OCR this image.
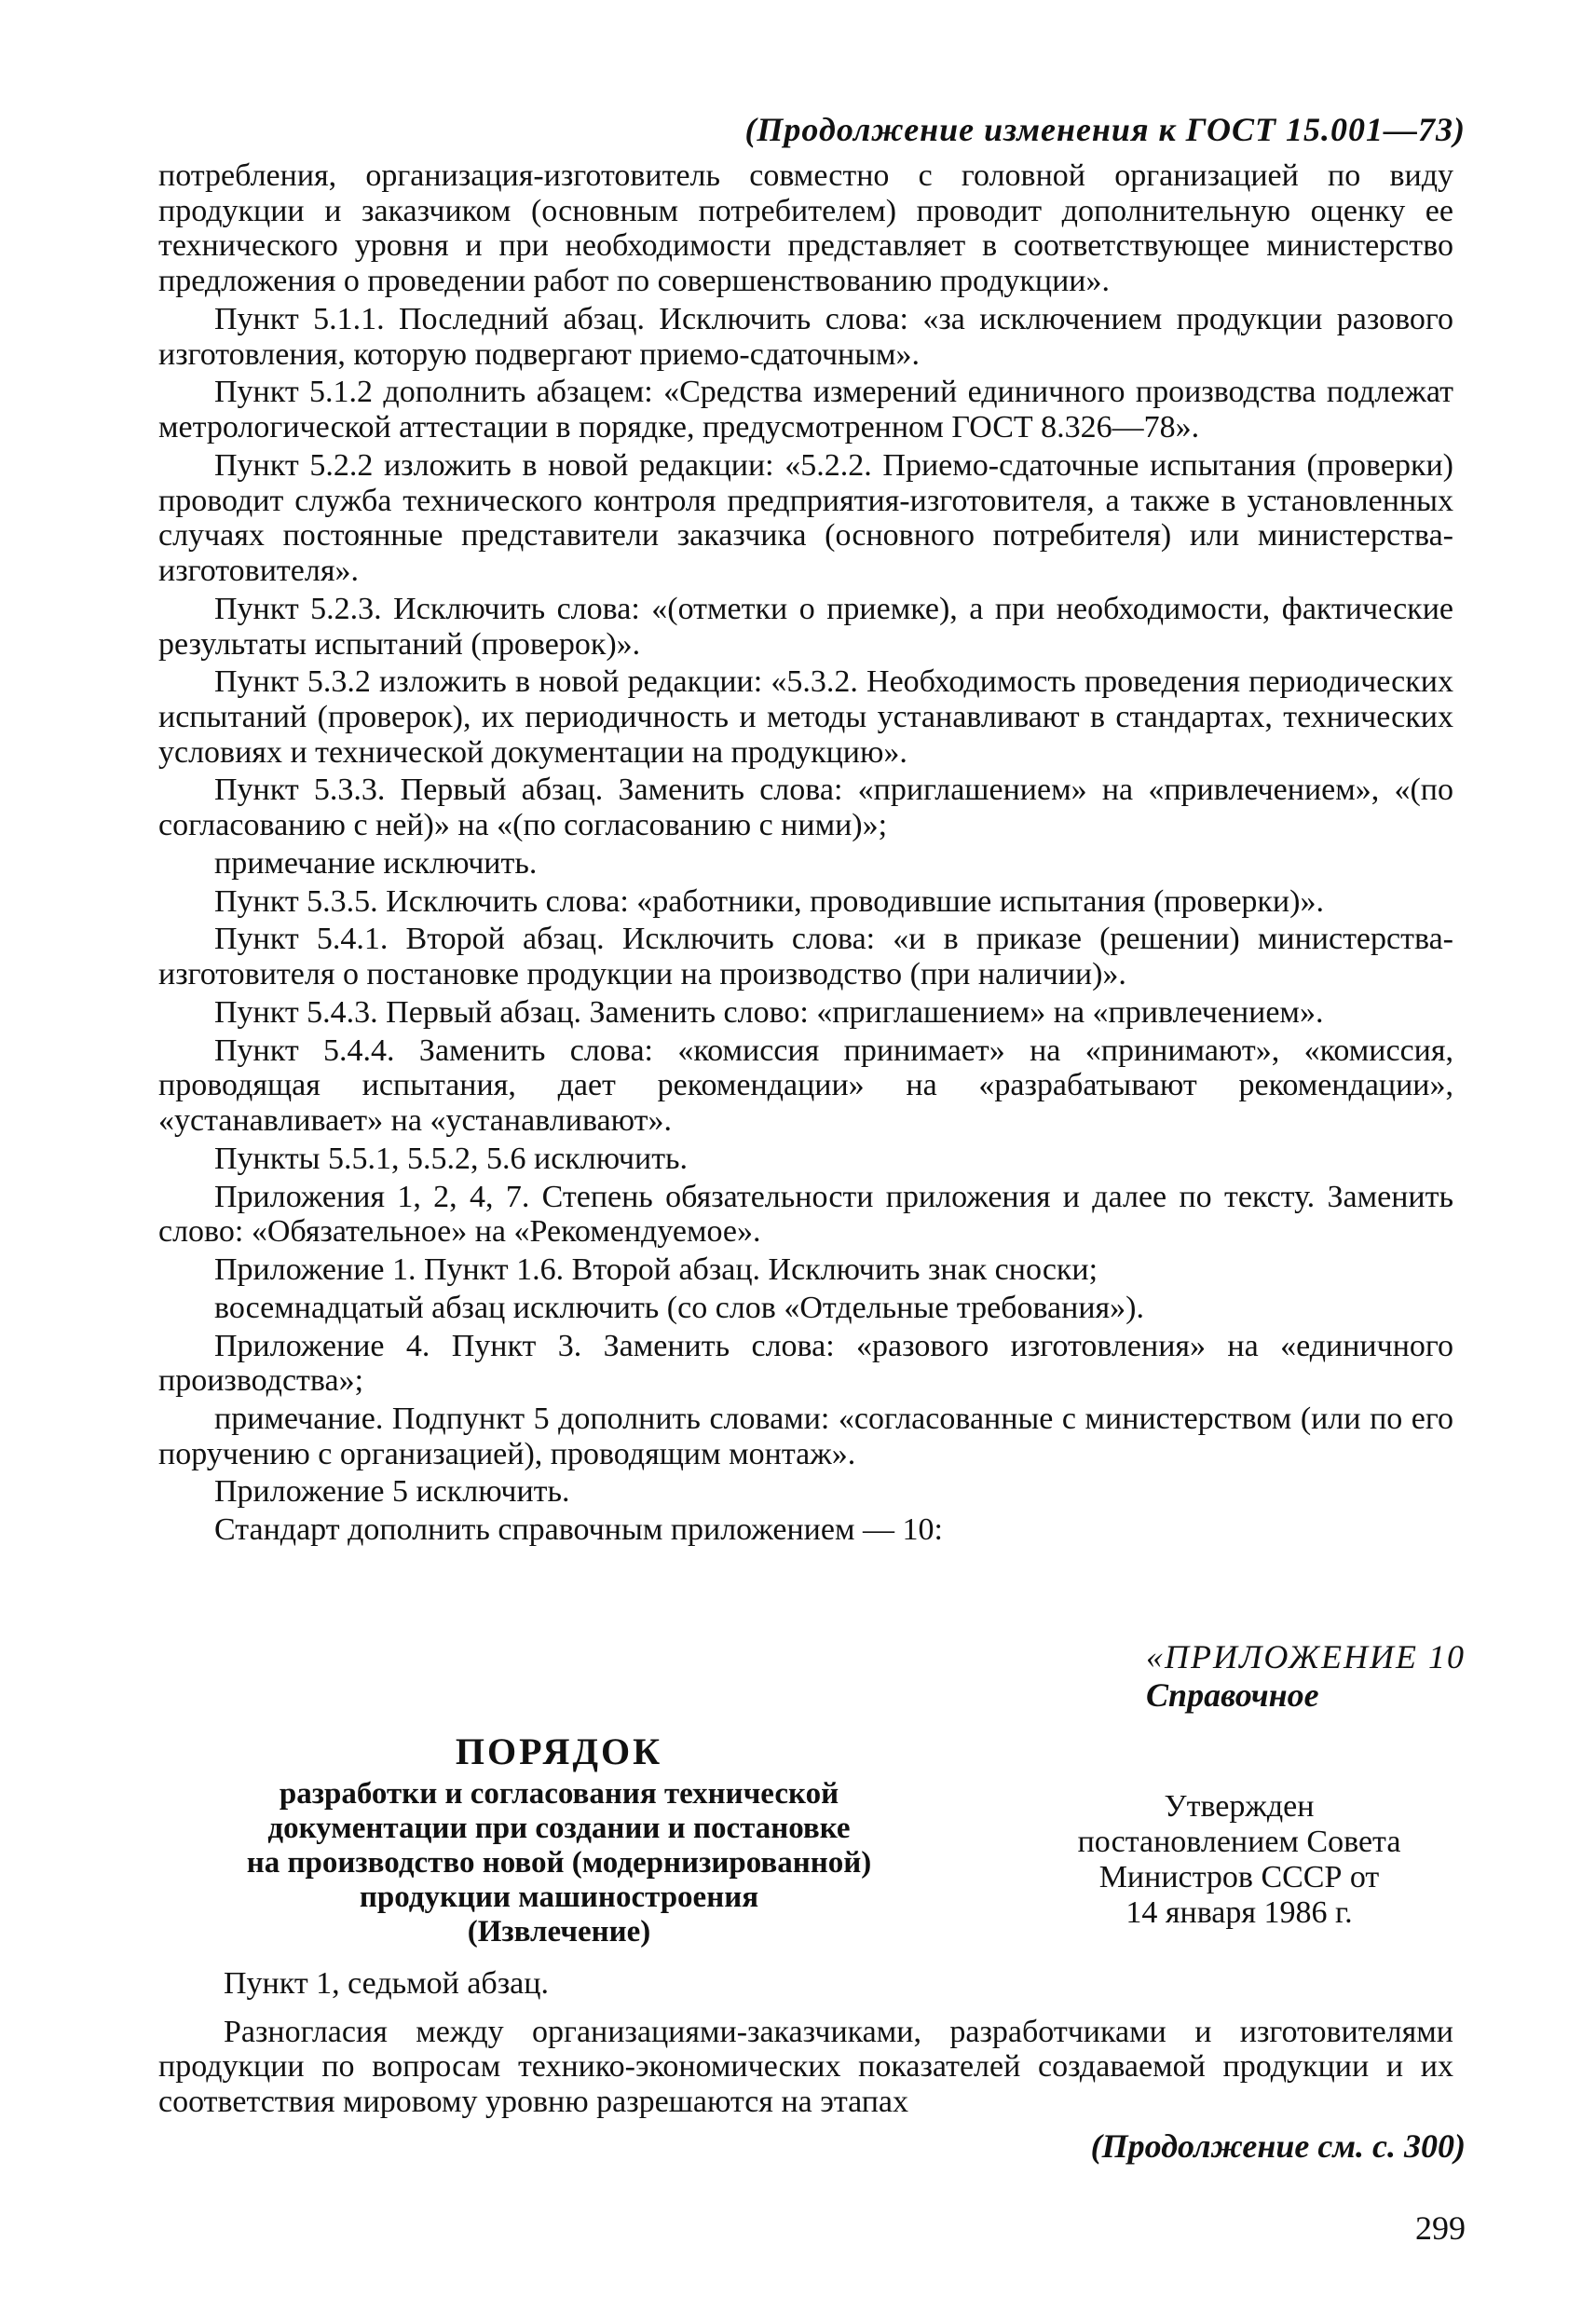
(Продолжение изменения к ГОСТ 15.001—73)

потребления, организация-изготовитель совместно с головной организацией по виду продукции и заказчиком (основным потребителем) проводит дополнительную оценку ее технического уровня и при необходимости представляет в соответствующее министерство предложения о проведении работ по совершенствованию продукции».

Пункт 5.1.1. Последний абзац. Исключить слова: «за исключением продукции разового изготовления, которую подвергают приемо-сдаточным».

Пункт 5.1.2 дополнить абзацем: «Средства измерений единичного производства подлежат метрологической аттестации в порядке, предусмотренном ГОСТ 8.326—78».

Пункт 5.2.2 изложить в новой редакции: «5.2.2. Приемо-сдаточные испытания (проверки) проводит служба технического контроля предприятия-изготовителя, а также в установленных случаях постоянные представители заказчика (основного потребителя) или министерства-изготовителя».

Пункт 5.2.3. Исключить слова: «(отметки о приемке), а при необходимости, фактические результаты испытаний (проверок)».

Пункт 5.3.2 изложить в новой редакции: «5.3.2. Необходимость проведения периодических испытаний (проверок), их периодичность и методы устанавливают в стандартах, технических условиях и технической документации на продукцию».

Пункт 5.3.3. Первый абзац. Заменить слова: «приглашением» на «привлечением», «(по согласованию с ней)» на «(по согласованию с ними)»;

примечание исключить.

Пункт 5.3.5. Исключить слова: «работники, проводившие испытания (проверки)».

Пункт 5.4.1. Второй абзац. Исключить слова: «и в приказе (решении) министерства-изготовителя о постановке продукции на производство (при наличии)».

Пункт 5.4.3. Первый абзац. Заменить слово: «приглашением» на «привлечением».

Пункт 5.4.4. Заменить слова: «комиссия принимает» на «принимают», «комиссия, проводящая испытания, дает рекомендации» на «разрабатывают рекомендации», «устанавливает» на «устанавливают».

Пункты 5.5.1, 5.5.2, 5.6 исключить.

Приложения 1, 2, 4, 7. Степень обязательности приложения и далее по тексту. Заменить слово: «Обязательное» на «Рекомендуемое».

Приложение 1. Пункт 1.6. Второй абзац. Исключить знак сноски;

восемнадцатый абзац исключить (со слов «Отдельные требования»).

Приложение 4. Пункт 3. Заменить слова: «разового изготовления» на «единичного производства»;

примечание. Подпункт 5 дополнить словами: «согласованные с министерством (или по его поручению с организацией), проводящим монтаж».

Приложение 5 исключить.

Стандарт дополнить справочным приложением — 10:

«ПРИЛОЖЕНИЕ 10
Справочное
ПОРЯДОК
разработки и согласования технической
документации при создании и постановке
на производство новой (модернизированной)
продукции машиностроения
(Извлечение)
Утвержден
постановлением Совета
Министров СССР от
14 января 1986 г.

Пункт 1, седьмой абзац.

Разногласия между организациями-заказчиками, разработчиками и изготовителями продукции по вопросам технико-экономических показателей создаваемой продукции и их соответствия мировому уровню разрешаются на этапах

(Продолжение см. с. 300)
299
